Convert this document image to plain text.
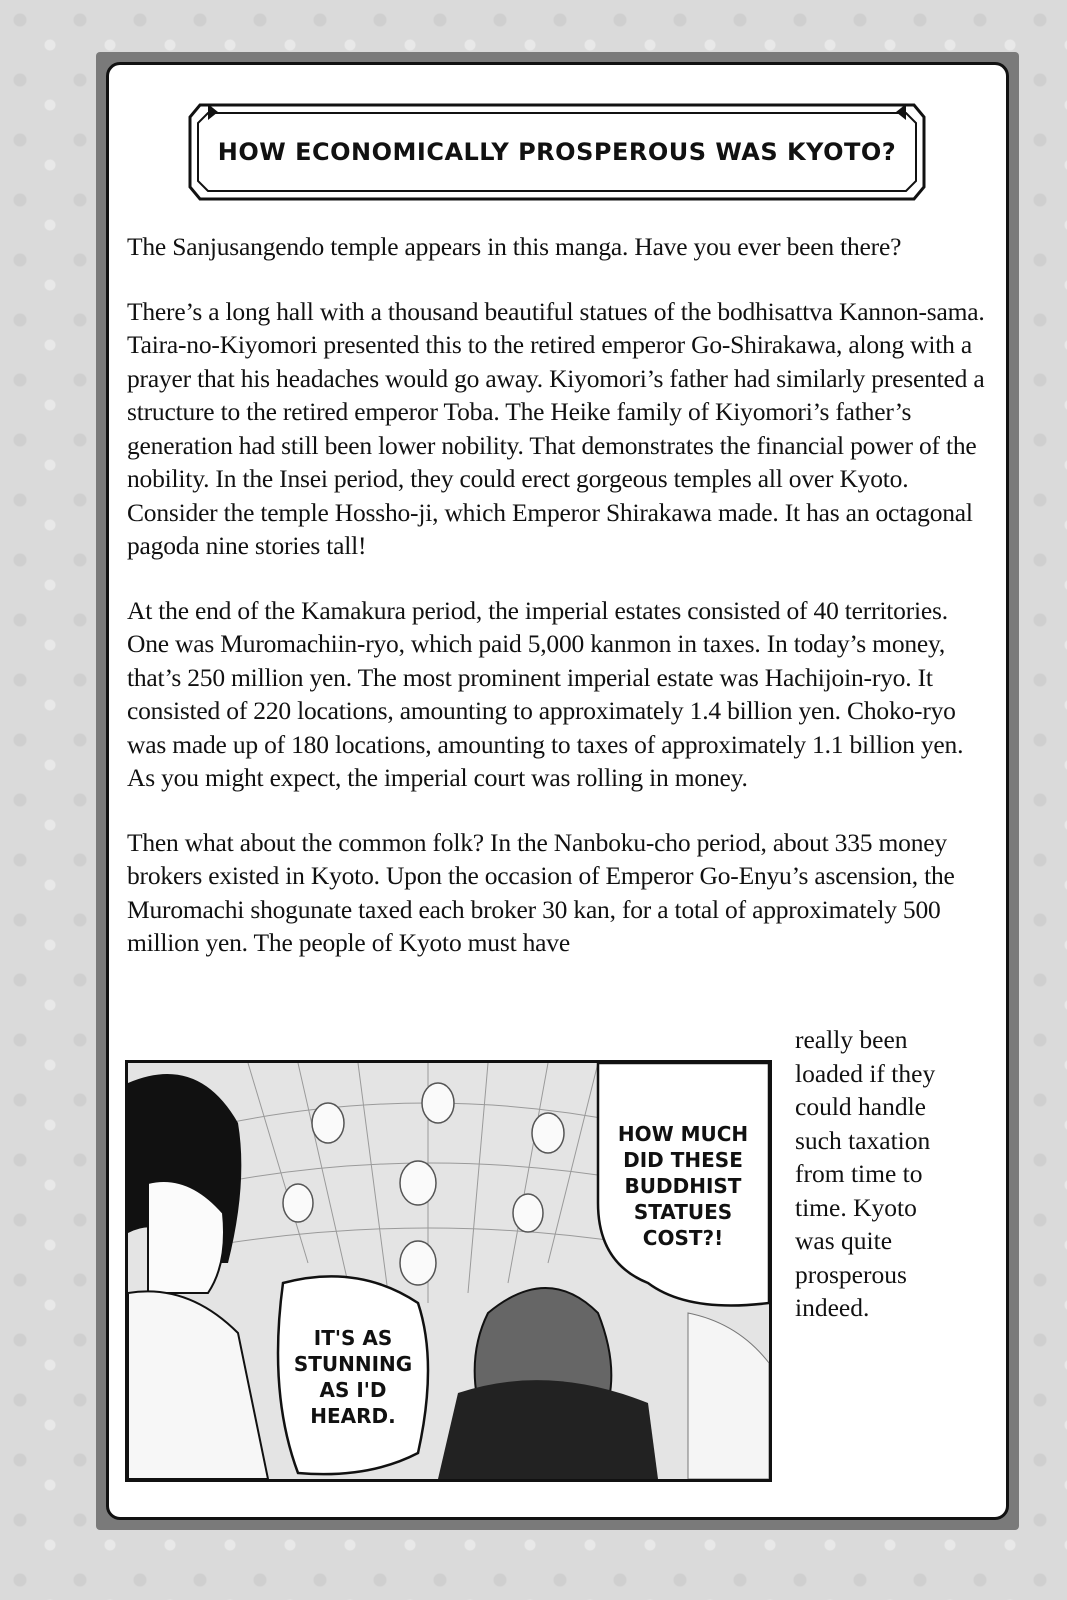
HOW ECONOMICALLY PROSPEROUS WAS KYOTO?

The Sanjusangendo temple appears in this manga. Have you ever been there?

There’s a long hall with a thousand beautiful statues of the bodhisattva Kannon-sama. Taira-no-Kiyomori presented this to the retired emperor Go-Shirakawa, along with a prayer that his headaches would go away. Kiyomori’s father had similarly presented a structure to the retired emperor Toba. The Heike family of Kiyomori’s father’s generation had still been lower nobility. That demonstrates the financial power of the nobility. In the Insei period, they could erect gorgeous temples all over Kyoto. Consider the temple Hossho-ji, which Emperor Shirakawa made. It has an octagonal pagoda nine stories tall!

At the end of the Kamakura period, the imperial estates consisted of 40 territories. One was Muromachiin-ryo, which paid 5,000 kanmon in taxes. In today’s money, that’s 250 million yen. The most prominent imperial estate was Hachijoin-ryo. It consisted of 220 locations, amounting to approximately 1.4 billion yen. Choko-ryo was made up of 180 locations, amounting to taxes of approximately 1.1 billion yen. As you might expect, the imperial court was rolling in money.

Then what about the common folk? In the Nanboku-cho period, about 335 money brokers existed in Kyoto. Upon the occasion of Emperor Go-Enyu’s ascension, the Muromachi shogunate taxed each broker 30 kan, for a total of approximately 500 million yen. The people of Kyoto must have

really been
loaded if they
could handle
such taxation
from time to
time. Kyoto
was quite
prosperous
indeed.
HOW MUCH
DID THESE
BUDDHIST
STATUES
COST?!
IT'S AS
STUNNING
AS I'D
HEARD.
